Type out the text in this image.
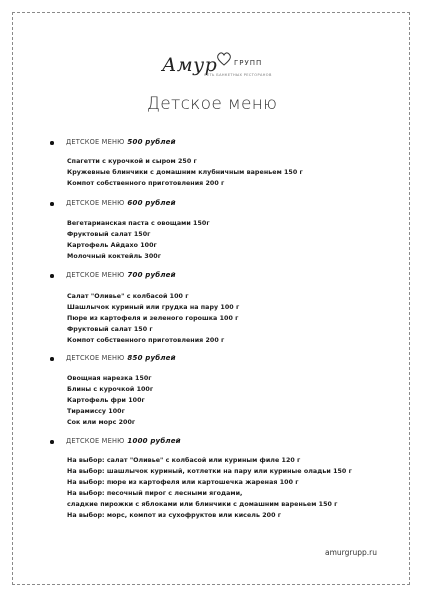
Амур ГРУПП
СЕТЬ БАНКЕТНЫХ РЕСТОРАНОВ
Детское меню
ДЕТСКОЕ МЕНЮ 500 рублей
Спагетти с курочкой и сыром 250 г
Кружевные блинчики с домашним клубничным вареньем 150 г
Компот собственного приготовления 200 г
ДЕТСКОЕ МЕНЮ 600 рублей
Вегетарианская паста с овощами 150г
Фруктовый салат 150г
Картофель Айдахо 100г
Молочный коктейль 300г
ДЕТСКОЕ МЕНЮ 700 рублей
Салат "Оливье" с колбасой 100 г
Шашлычок куриный или грудка на пару 100 г
Пюре из картофеля и зеленого горошка 100 г
Фруктовый салат 150 г
Компот собственного приготовления 200 г
ДЕТСКОЕ МЕНЮ 850 рублей
Овощная нарезка 150г
Блины с курочкой 100г
Картофель фри 100г
Тирамиссу 100г
Сок или морс 200г
ДЕТСКОЕ МЕНЮ 1000 рублей
На выбор: салат "Оливье" с колбасой или куриным филе 120 г
На выбор: шашлычок куриный, котлетки на пару или куриные оладьи 150 г
На выбор: пюре из картофеля или картошечка жареная 100 г
На выбор: песочный пирог с лесными ягодами,
сладкие пирожки с яблоками или блинчики с домашним вареньем 150 г
На выбор: морс, компот из сухофруктов или кисель 200 г
amurgrupp.ru
